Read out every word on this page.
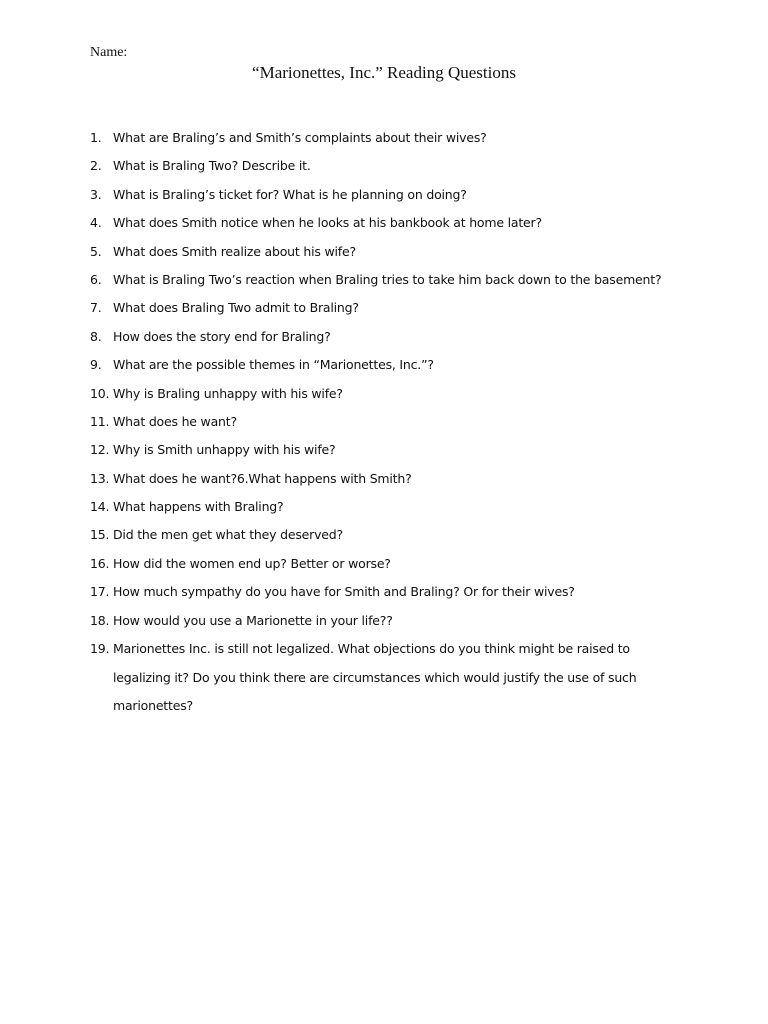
Name:
“Marionettes, Inc.” Reading Questions
1. What are Braling’s and Smith’s complaints about their wives?
2. What is Braling Two? Describe it.
3. What is Braling’s ticket for? What is he planning on doing?
4. What does Smith notice when he looks at his bankbook at home later?
5. What does Smith realize about his wife?
6. What is Braling Two’s reaction when Braling tries to take him back down to the basement?
7. What does Braling Two admit to Braling?
8. How does the story end for Braling?
9. What are the possible themes in “Marionettes, Inc.”?
10. Why is Braling unhappy with his wife?
11. What does he want?
12. Why is Smith unhappy with his wife?
13. What does he want?6.What happens with Smith?
14. What happens with Braling?
15. Did the men get what they deserved?
16. How did the women end up? Better or worse?
17. How much sympathy do you have for Smith and Braling? Or for their wives?
18. How would you use a Marionette in your life??
19. Marionettes Inc. is still not legalized. What objections do you think might be raised to legalizing it? Do you think there are circumstances which would justify the use of such marionettes?
